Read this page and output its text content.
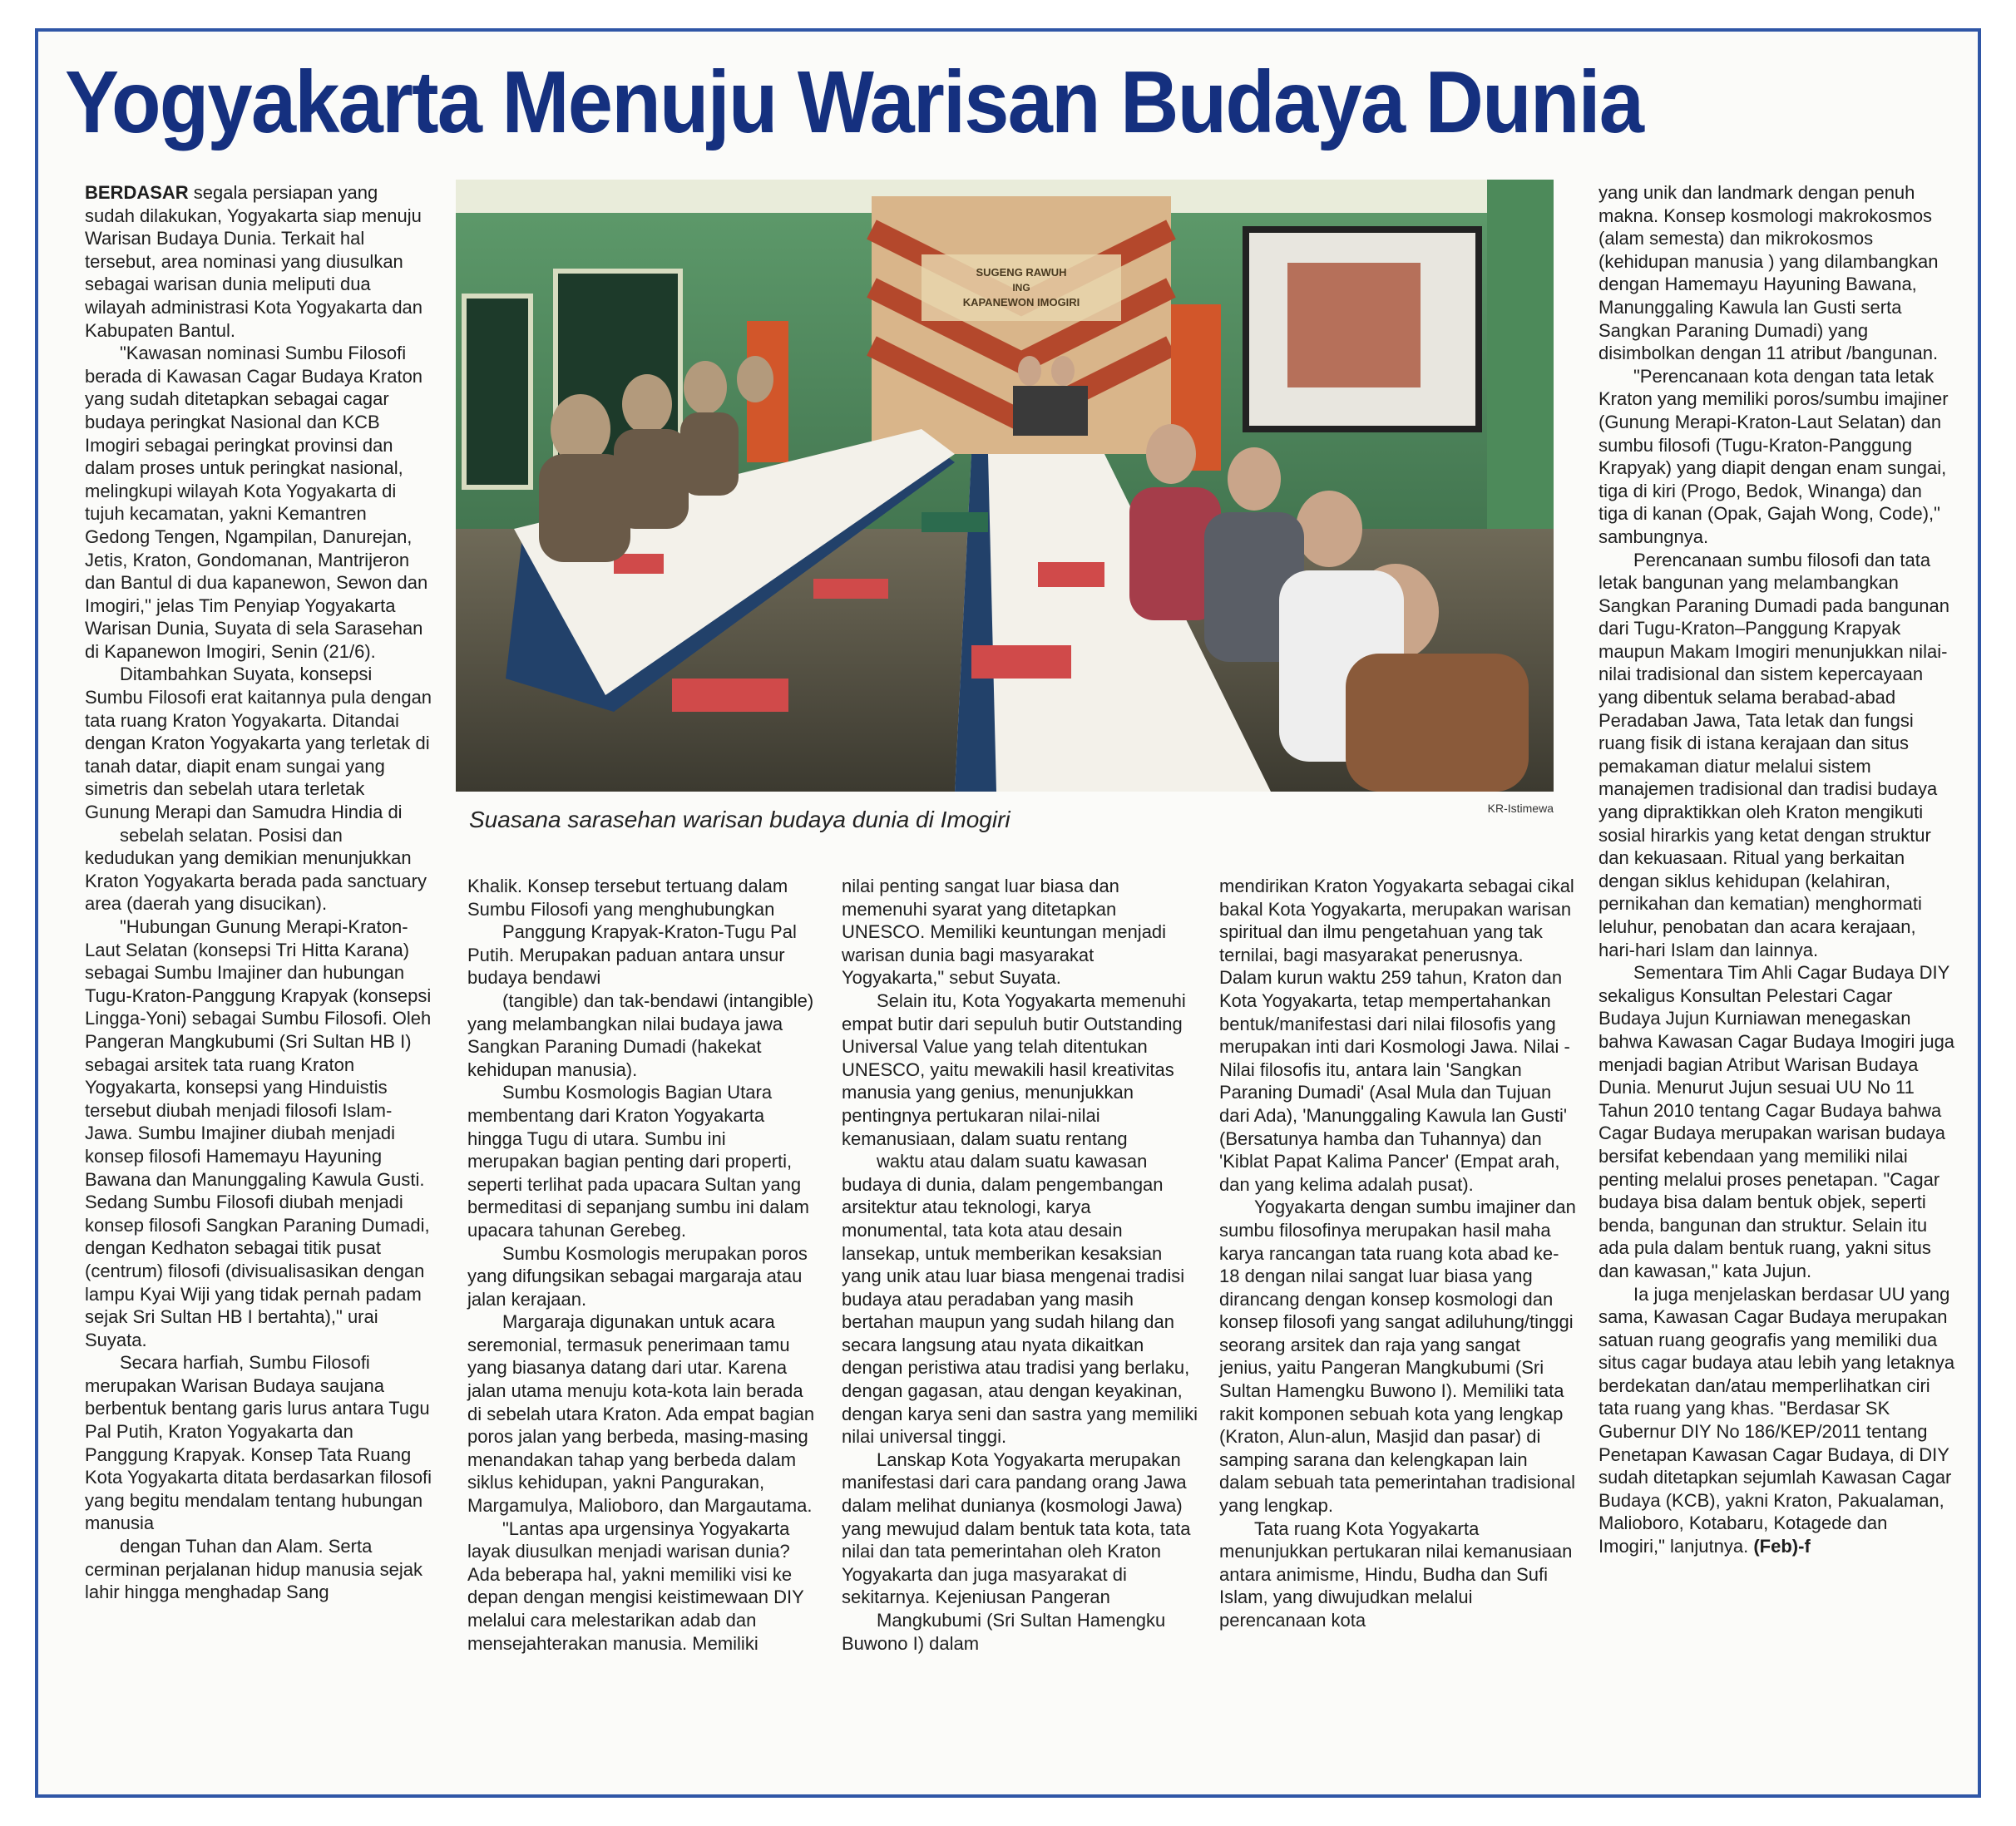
Yogyakarta Menuju Warisan Budaya Dunia

BERDASAR segala persiapan yang sudah dilakukan, Yogyakarta siap menuju Warisan Budaya Dunia. Terkait hal tersebut, area nominasi yang diusulkan sebagai warisan dunia meliputi dua wilayah administrasi Kota Yogyakarta dan Kabupaten Bantul.

"Kawasan nominasi Sumbu Filosofi berada di Kawasan Cagar Budaya Kraton yang sudah ditetapkan sebagai cagar budaya peringkat Nasional dan KCB Imogiri sebagai peringkat provinsi dan dalam proses untuk peringkat nasional, melingkupi wilayah Kota Yogyakarta di tujuh kecamatan, yakni Kemantren Gedong Tengen, Ngampilan, Danurejan, Jetis, Kraton, Gondomanan, Mantrijeron dan Bantul di dua kapanewon, Sewon dan Imogiri," jelas Tim Penyiap Yogyakarta Warisan Dunia, Suyata di sela Sarasehan di Kapanewon Imogiri, Senin (21/6).

Ditambahkan Suyata, konsepsi Sumbu Filosofi erat kaitannya pula dengan tata ruang Kraton Yogyakarta. Ditandai dengan Kraton Yogyakarta yang terletak di tanah datar, diapit enam sungai yang simetris dan sebelah utara terletak Gunung Merapi dan Samudra Hindia di

sebelah selatan. Posisi dan kedudukan yang demikian menunjukkan Kraton Yogyakarta berada pada sanctuary area (daerah yang disucikan).

"Hubungan Gunung Merapi-Kraton-Laut Selatan (konsepsi Tri Hitta Karana) sebagai Sumbu Imajiner dan hubungan Tugu-Kraton-Panggung Krapyak (konsepsi Lingga-Yoni) sebagai Sumbu Filosofi. Oleh Pangeran Mangkubumi (Sri Sultan HB I) sebagai arsitek tata ruang Kraton Yogyakarta, konsepsi yang Hinduistis tersebut diubah menjadi filosofi Islam-Jawa. Sumbu Imajiner diubah menjadi konsep filosofi Hamemayu Hayuning Bawana dan Manunggaling Kawula Gusti. Sedang Sumbu Filosofi diubah menjadi konsep filosofi Sangkan Paraning Dumadi, dengan Kedhaton sebagai titik pusat (centrum) filosofi (divisualisasikan dengan lampu Kyai Wiji yang tidak pernah padam sejak Sri Sultan HB I bertahta)," urai Suyata.

Secara harfiah, Sumbu Filosofi merupakan Warisan Budaya saujana berbentuk bentang garis lurus antara Tugu Pal Putih, Kraton Yogyakarta dan Panggung Krapyak. Konsep Tata Ruang Kota Yogyakarta ditata berdasarkan filosofi yang begitu mendalam tentang hubungan manusia

dengan Tuhan dan Alam. Serta cerminan perjalanan hidup manusia sejak lahir hingga menghadap Sang

SUGENG RAWUH
ING
KAPANEWON IMOGIRI
Suasana sarasehan warisan budaya dunia di Imogiri	KR-Istimewa

Khalik. Konsep tersebut tertuang dalam Sumbu Filosofi yang menghubungkan

Panggung Krapyak-Kraton-Tugu Pal Putih. Merupakan paduan antara unsur budaya bendawi

(tangible) dan tak-bendawi (intangible) yang melambangkan nilai budaya jawa Sangkan Paraning Dumadi (hakekat kehidupan manusia).

Sumbu Kosmologis Bagian Utara membentang dari Kraton Yogyakarta hingga Tugu di utara. Sumbu ini merupakan bagian penting dari properti, seperti terlihat pada upacara Sultan yang bermeditasi di sepanjang sumbu ini dalam upacara tahunan Gerebeg.

Sumbu Kosmologis merupakan poros yang difungsikan sebagai margaraja atau jalan kerajaan.

Margaraja digunakan untuk acara seremonial, termasuk penerimaan tamu yang biasanya datang dari utar. Karena jalan utama menuju kota-kota lain berada di sebelah utara Kraton. Ada empat bagian poros jalan yang berbeda, masing-masing menandakan tahap yang berbeda dalam siklus kehidupan, yakni Pangurakan, Margamulya, Malioboro, dan Margautama.

"Lantas apa urgensinya Yogyakarta layak diusulkan menjadi warisan dunia? Ada beberapa hal, yakni memiliki visi ke depan dengan mengisi keistimewaan DIY melalui cara melestarikan adab dan mensejahterakan manusia. Memiliki

nilai penting sangat luar biasa dan memenuhi syarat yang ditetapkan UNESCO. Memiliki keuntungan menjadi warisan dunia bagi masyarakat Yogyakarta," sebut Suyata.

Selain itu, Kota Yogyakarta memenuhi empat butir dari sepuluh butir Outstanding Universal Value yang telah ditentukan UNESCO, yaitu mewakili hasil kreativitas manusia yang genius, menunjukkan pentingnya pertukaran nilai-nilai kemanusiaan, dalam suatu rentang

waktu atau dalam suatu kawasan budaya di dunia, dalam pengembangan arsitektur atau teknologi, karya monumental, tata kota atau desain lansekap, untuk memberikan kesaksian yang unik atau luar biasa mengenai tradisi budaya atau peradaban yang masih bertahan maupun yang sudah hilang dan secara langsung atau nyata dikaitkan dengan peristiwa atau tradisi yang berlaku, dengan gagasan, atau dengan keyakinan, dengan karya seni dan sastra yang memiliki nilai universal tinggi.

Lanskap Kota Yogyakarta merupakan manifestasi dari cara pandang orang Jawa dalam melihat dunianya (kosmologi Jawa) yang mewujud dalam bentuk tata kota, tata nilai dan tata pemerintahan oleh Kraton Yogyakarta dan juga masyarakat di sekitarnya. Kejeniusan Pangeran

Mangkubumi (Sri Sultan Hamengku Buwono I) dalam

mendirikan Kraton Yogyakarta sebagai cikal bakal Kota Yogyakarta, merupakan warisan spiritual dan ilmu pengetahuan yang tak ternilai, bagi masyarakat penerusnya. Dalam kurun waktu 259 tahun, Kraton dan Kota Yogyakarta, tetap mempertahankan bentuk/manifestasi dari nilai filosofis yang merupakan inti dari Kosmologi Jawa. Nilai - Nilai filosofis itu, antara lain 'Sangkan Paraning Dumadi' (Asal Mula dan Tujuan dari Ada), 'Manunggaling Kawula lan Gusti' (Bersatunya hamba dan Tuhannya) dan 'Kiblat Papat Kalima Pancer' (Empat arah, dan yang kelima adalah pusat).

Yogyakarta dengan sumbu imajiner dan sumbu filosofinya merupakan hasil maha karya rancangan tata ruang kota abad ke-18 dengan nilai sangat luar biasa yang dirancang dengan konsep kosmologi dan konsep filosofi yang sangat adiluhung/tinggi seorang arsitek dan raja yang sangat jenius, yaitu Pangeran Mangkubumi (Sri Sultan Hamengku Buwono I). Memiliki tata rakit komponen sebuah kota yang lengkap (Kraton, Alun-alun, Masjid dan pasar) di samping sarana dan kelengkapan lain dalam sebuah tata pemerintahan tradisional yang lengkap.

Tata ruang Kota Yogyakarta menunjukkan pertukaran nilai kemanusiaan antara animisme, Hindu, Budha dan Sufi Islam, yang diwujudkan melalui perencanaan kota

yang unik dan landmark dengan penuh makna. Konsep kosmologi makrokosmos (alam semesta) dan mikrokosmos (kehidupan manusia ) yang dilambangkan dengan Hamemayu Hayuning Bawana, Manunggaling Kawula lan Gusti serta Sangkan Paraning Dumadi) yang disimbolkan dengan 11 atribut /bangunan.

"Perencanaan kota dengan tata letak Kraton yang memiliki poros/sumbu imajiner (Gunung Merapi-Kraton-Laut Selatan) dan sumbu filosofi (Tugu-Kraton-Panggung Krapyak) yang diapit dengan enam sungai, tiga di kiri (Progo, Bedok, Winanga) dan tiga di kanan (Opak, Gajah Wong, Code)," sambungnya.

Perencanaan sumbu filosofi dan tata letak bangunan yang melambangkan Sangkan Paraning Dumadi pada bangunan dari Tugu-Kraton–Panggung Krapyak maupun Makam Imogiri menunjukkan nilai-nilai tradisional dan sistem kepercayaan yang dibentuk selama berabad-abad Peradaban Jawa, Tata letak dan fungsi ruang fisik di istana kerajaan dan situs pemakaman diatur melalui sistem manajemen tradisional dan tradisi budaya yang dipraktikkan oleh Kraton mengikuti sosial hirarkis yang ketat dengan struktur dan kekuasaan. Ritual yang berkaitan dengan siklus kehidupan (kelahiran, pernikahan dan kematian) menghormati leluhur, penobatan dan acara kerajaan, hari-hari Islam dan lainnya.

Sementara Tim Ahli Cagar Budaya DIY sekaligus Konsultan Pelestari Cagar Budaya Jujun Kurniawan menegaskan bahwa Kawasan Cagar Budaya Imogiri juga menjadi bagian Atribut Warisan Budaya Dunia. Menurut Jujun sesuai UU No 11 Tahun 2010 tentang Cagar Budaya bahwa Cagar Budaya merupakan warisan budaya bersifat kebendaan yang memiliki nilai penting melalui proses penetapan. "Cagar budaya bisa dalam bentuk objek, seperti benda, bangunan dan struktur. Selain itu ada pula dalam bentuk ruang, yakni situs dan kawasan," kata Jujun.

Ia juga menjelaskan berdasar UU yang sama, Kawasan Cagar Budaya merupakan satuan ruang geografis yang memiliki dua situs cagar budaya atau lebih yang letaknya berdekatan dan/atau memperlihatkan ciri tata ruang yang khas. "Berdasar SK Gubernur DIY No 186/KEP/2011 tentang Penetapan Kawasan Cagar Budaya, di DIY sudah ditetapkan sejumlah Kawasan Cagar Budaya (KCB), yakni Kraton, Pakualaman, Malioboro, Kotabaru, Kotagede dan Imogiri," lanjutnya. (Feb)-f
